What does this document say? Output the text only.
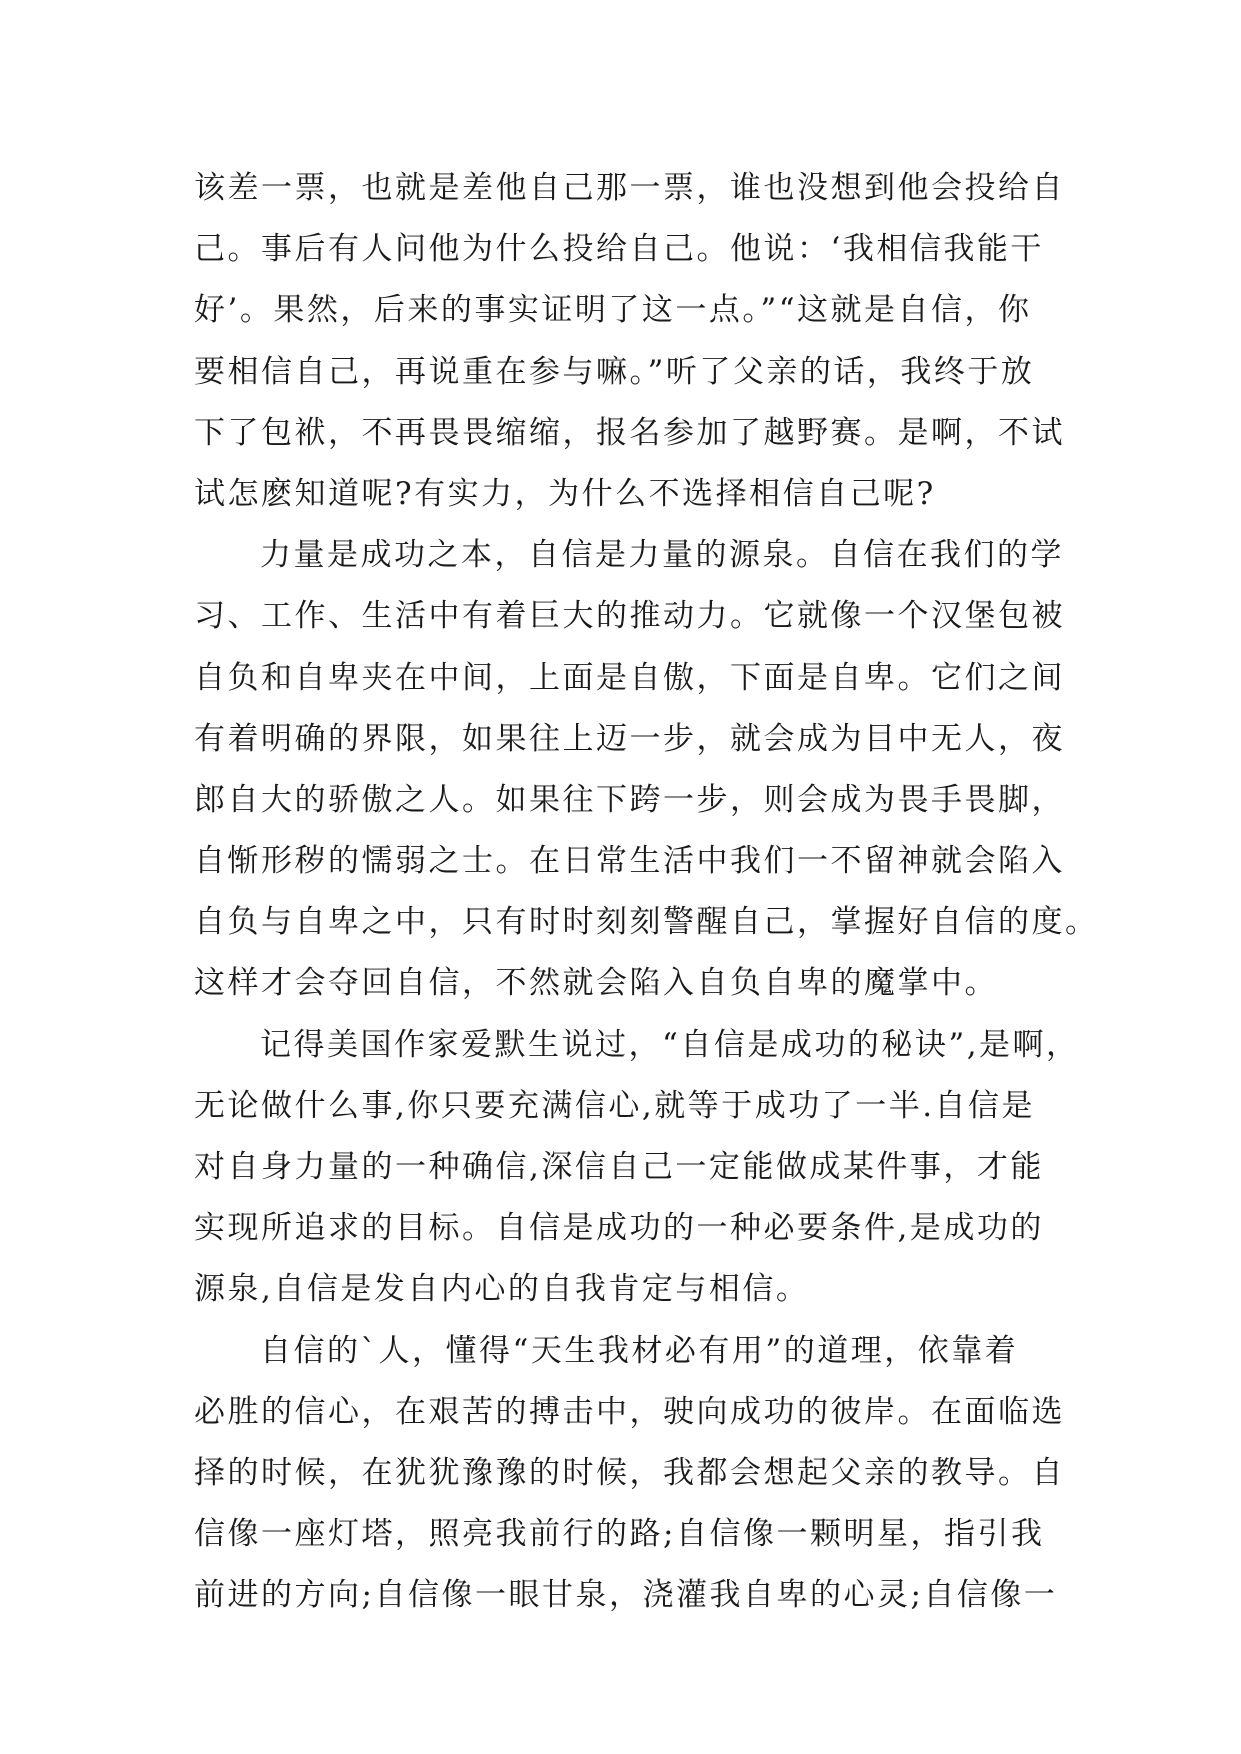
该差一票，也就是差他自己那一票，谁也没想到他会投给自
己。事后有人问他为什么投给自己。他说：‘我相信我能干
好’。果然，后来的事实证明了这一点。”“这就是自信，你
要相信自己，再说重在参与嘛。”听了父亲的话，我终于放
下了包袱，不再畏畏缩缩，报名参加了越野赛。是啊，不试
试怎麽知道呢?有实力，为什么不选择相信自己呢?
力量是成功之本，自信是力量的源泉。自信在我们的学
习、工作、生活中有着巨大的推动力。它就像一个汉堡包被
自负和自卑夹在中间，上面是自傲，下面是自卑。它们之间
有着明确的界限，如果往上迈一步，就会成为目中无人，夜
郎自大的骄傲之人。如果往下跨一步，则会成为畏手畏脚，
自惭形秽的懦弱之士。在日常生活中我们一不留神就会陷入
自负与自卑之中，只有时时刻刻警醒自己，掌握好自信的度。
这样才会夺回自信，不然就会陷入自负自卑的魔掌中。
记得美国作家爱默生说过，“自信是成功的秘诀”,是啊，
无论做什么事,你只要充满信心,就等于成功了一半.自信是
对自身力量的一种确信,深信自己一定能做成某件事，才能
实现所追求的目标。自信是成功的一种必要条件,是成功的
源泉,自信是发自内心的自我肯定与相信。
自信的`人，懂得“天生我材必有用”的道理，依靠着
必胜的信心，在艰苦的搏击中，驶向成功的彼岸。在面临选
择的时候，在犹犹豫豫的时候，我都会想起父亲的教导。自
信像一座灯塔，照亮我前行的路;自信像一颗明星，指引我
前进的方向;自信像一眼甘泉，浇灌我自卑的心灵;自信像一
